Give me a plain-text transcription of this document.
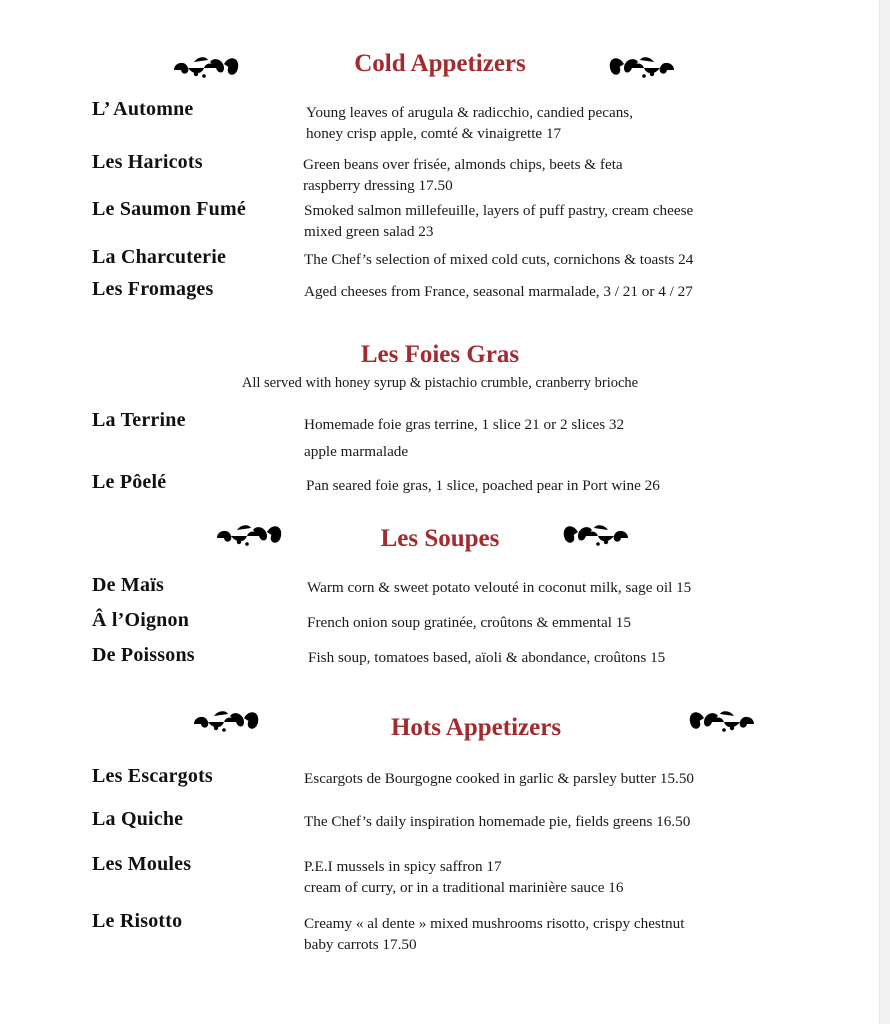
Cold Appetizers
L’ Automne	Young leaves of arugula & radicchio, candied pecans,
honey crisp apple, comté & vinaigrette 17
Les Haricots	Green beans over frisée, almonds chips, beets & feta
raspberry dressing 17.50
Le Saumon Fumé	Smoked salmon millefeuille, layers of puff pastry, cream cheese
mixed green salad 23
La Charcuterie	The Chef’s selection of mixed cold cuts, cornichons & toasts 24
Les Fromages	Aged cheeses from France, seasonal marmalade, 3 / 21 or 4 / 27
Les Foies Gras
All served with honey syrup & pistachio crumble, cranberry brioche
La Terrine	Homemade foie gras terrine, 1 slice 21 or 2 slices 32
apple marmalade
Le Pôelé	Pan seared foie gras, 1 slice, poached pear in Port wine 26
Les Soupes
De Maïs	Warm corn & sweet potato velouté in coconut milk, sage oil 15
Â l’Oignon	French onion soup gratinée, croûtons & emmental 15
De Poissons	Fish soup, tomatoes based, aïoli & abondance, croûtons 15
Hots Appetizers
Les Escargots	Escargots de Bourgogne cooked in garlic & parsley butter 15.50
La Quiche	The Chef’s daily inspiration homemade pie, fields greens 16.50
Les Moules	P.E.I mussels in spicy saffron 17
cream of curry, or in a traditional marinière sauce 16
Le Risotto	Creamy « al dente » mixed mushrooms risotto, crispy chestnut
baby carrots 17.50
